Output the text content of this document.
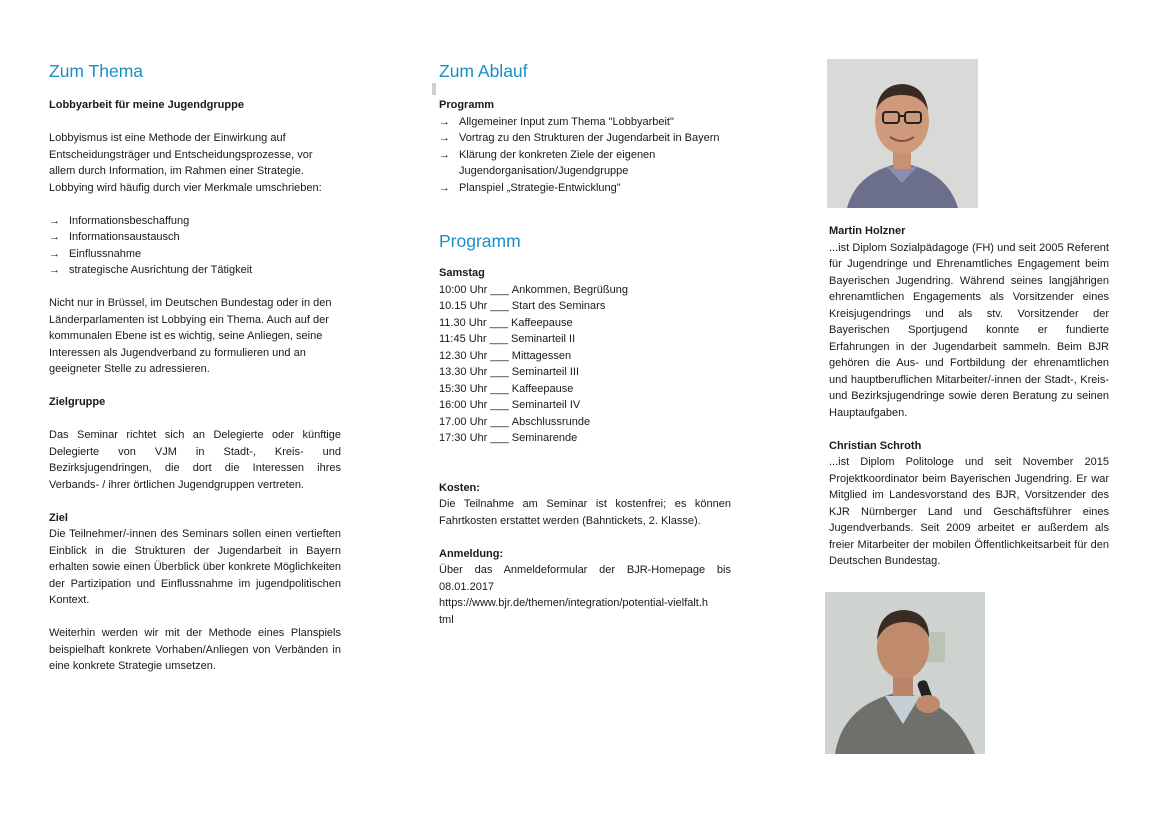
Zum Thema

Lobbyarbeit für meine Jugendgruppe

Lobbyismus ist eine Methode der Einwirkung auf Entscheidungsträger und Entscheidungsprozesse, vor allem durch Information, im Rahmen einer Strategie. Lobbying wird häufig durch vier Merkmale umschrieben:

→ Informationsbeschaffung
→ Informationsaustausch
→ Einflussnahme
→ strategische Ausrichtung der Tätigkeit

Nicht nur in Brüssel, im Deutschen Bundestag oder in den Länderparlamenten ist Lobbying ein Thema. Auch auf der kommunalen Ebene ist es wichtig, seine Anliegen, seine Interessen als Jugendverband zu formulieren und an geeigneter Stelle zu adressieren.

Zielgruppe

Das Seminar richtet sich an Delegierte oder künftige Delegierte von VJM in Stadt-, Kreis- und Bezirksjugendringen, die dort die Interessen ihres Verbands- / ihrer örtlichen Jugendgruppen vertreten.

Ziel

Die Teilnehmer/-innen des Seminars sollen einen vertieften Einblick in die Strukturen der Jugendarbeit in Bayern erhalten sowie einen Überblick über konkrete Möglichkeiten der Partizipation und Einflussnahme im jugendpolitischen Kontext.

Weiterhin werden wir mit der Methode eines Planspiels beispielhaft konkrete Vorhaben/Anliegen von Verbänden in eine konkrete Strategie umsetzen.

Zum Ablauf

Programm

→ Allgemeiner Input zum Thema "Lobbyarbeit"
→ Vortrag zu den Strukturen der Jugendarbeit in Bayern
→ Klärung der konkreten Ziele der eigenen Jugendorganisation/Jugendgruppe
→ Planspiel „Strategie-Entwicklung"
Programm

Samstag

10:00 Uhr
___
Ankommen, Begrüßung
10.15 Uhr
___
Start des Seminars
11.30 Uhr
___
Kaffeepause
11:45 Uhr
___
Seminarteil II
12.30 Uhr
___
Mittagessen
13.30 Uhr
___
Seminarteil III
15:30 Uhr
___
Kaffeepause
16:00 Uhr
___
Seminarteil IV
17.00 Uhr
___
Abschlussrunde
17:30 Uhr
___
Seminarende

Kosten:

Die Teilnahme am Seminar ist kostenfrei; es können Fahrtkosten erstattet werden (Bahntickets, 2. Klasse).

Anmeldung:

Über das Anmeldeformular der BJR-Homepage bis 08.01.2017

https://www.bjr.de/themen/integration/potential-vielfalt.html

Martin Holzner

...ist Diplom Sozialpädagoge (FH) und seit 2005 Referent für Jugendringe und Ehrenamtliches Engagement beim Bayerischen Jugendring. Während seines langjährigen ehrenamtlichen Engagements als Vorsitzender eines Kreisjugendrings und als stv. Vorsitzender der Bayerischen Sportjugend konnte er fundierte Erfahrungen in der Jugendarbeit sammeln. Beim BJR gehören die Aus- und Fortbildung der ehrenamtlichen und hauptberuflichen Mitarbeiter/-innen der Stadt-, Kreis- und Bezirksjugendringe sowie deren Beratung zu seinen Hauptaufgaben.

Christian Schroth

...ist Diplom Politologe und seit November 2015 Projektkoordinator beim Bayerischen Jugendring. Er war Mitglied im Landesvorstand des BJR, Vorsitzender des KJR Nürnberger Land und Geschäftsführer eines Jugendverbands. Seit 2009 arbeitet er außerdem als freier Mitarbeiter der mobilen Öffentlichkeitsarbeit für den Deutschen Bundestag.
